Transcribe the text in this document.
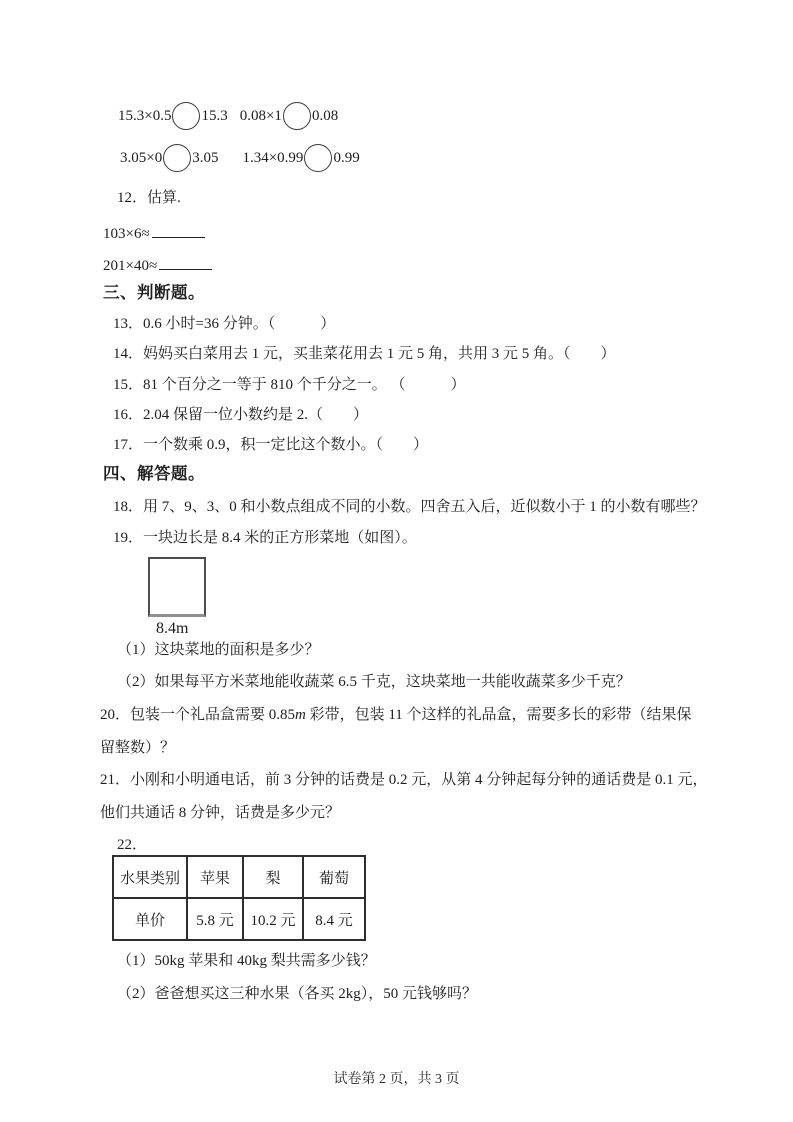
15.3×0.5 15.3 0.08×1 0.08
3.05×0 3.05 1.34×0.99 0.99
12．估算.
103×6≈
201×40≈
三、判断题。
13．0.6 小时=36 分钟。（　　　）
14．妈妈买白菜用去 1 元，买韭菜花用去 1 元 5 角，共用 3 元 5 角。（　　）
15．81 个百分之一等于 810 个千分之一。 （　　　）
16．2.04 保留一位小数约是 2.（　　）
17．一个数乘 0.9，积一定比这个数小。（　　）
四、解答题。
18．用 7、9、3、0 和小数点组成不同的小数。四舍五入后，近似数小于 1 的小数有哪些？
19．一块边长是 8.4 米的正方形菜地（如图）。
8.4m
（1）这块菜地的面积是多少？
（2）如果每平方米菜地能收蔬菜 6.5 千克，这块菜地一共能收蔬菜多少千克？
20．包装一个礼品盒需要 0.85m 彩带，包装 11 个这样的礼品盒，需要多长的彩带（结果保
留整数）？
21．小刚和小明通电话，前 3 分钟的话费是 0.2 元，从第 4 分钟起每分钟的通话费是 0.1 元，
他们共通话 8 分钟，话费是多少元？
22．
水果类别	苹果	梨	葡萄
单价	5.8 元	10.2 元	8.4 元
（1）50kg 苹果和 40kg 梨共需多少钱？
（2）爸爸想买这三种水果（各买 2kg），50 元钱够吗？
试卷第 2 页，共 3 页
